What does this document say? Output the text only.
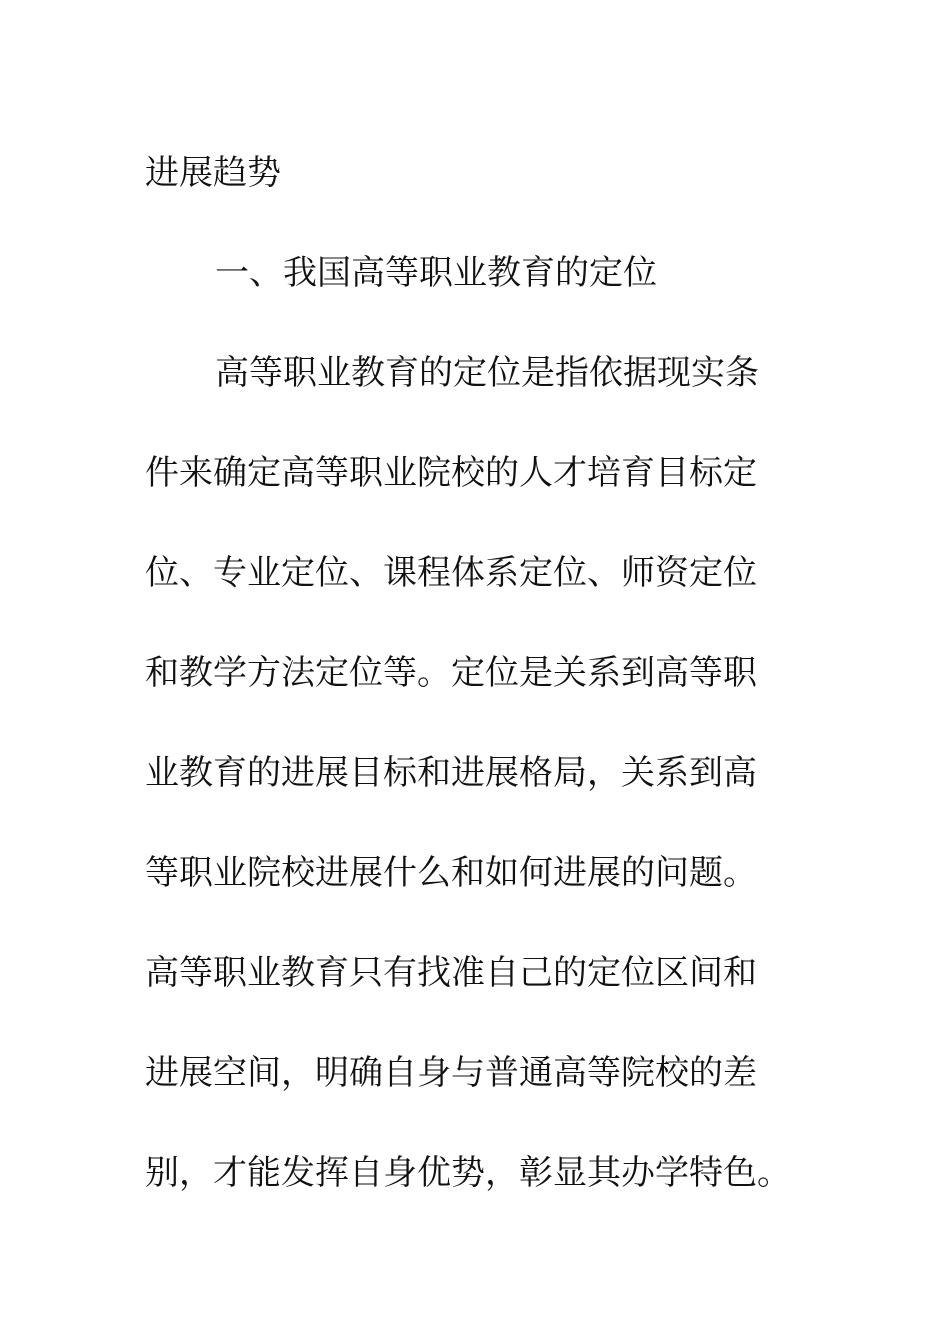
进展趋势
一、我国高等职业教育的定位
高等职业教育的定位是指依据现实条
件来确定高等职业院校的人才培育目标定
位、专业定位、课程体系定位、师资定位
和教学方法定位等。定位是关系到高等职
业教育的进展目标和进展格局，关系到高
等职业院校进展什么和如何进展的问题。
高等职业教育只有找准自己的定位区间和
进展空间，明确自身与普通高等院校的差
别，才能发挥自身优势，彰显其办学特色。
